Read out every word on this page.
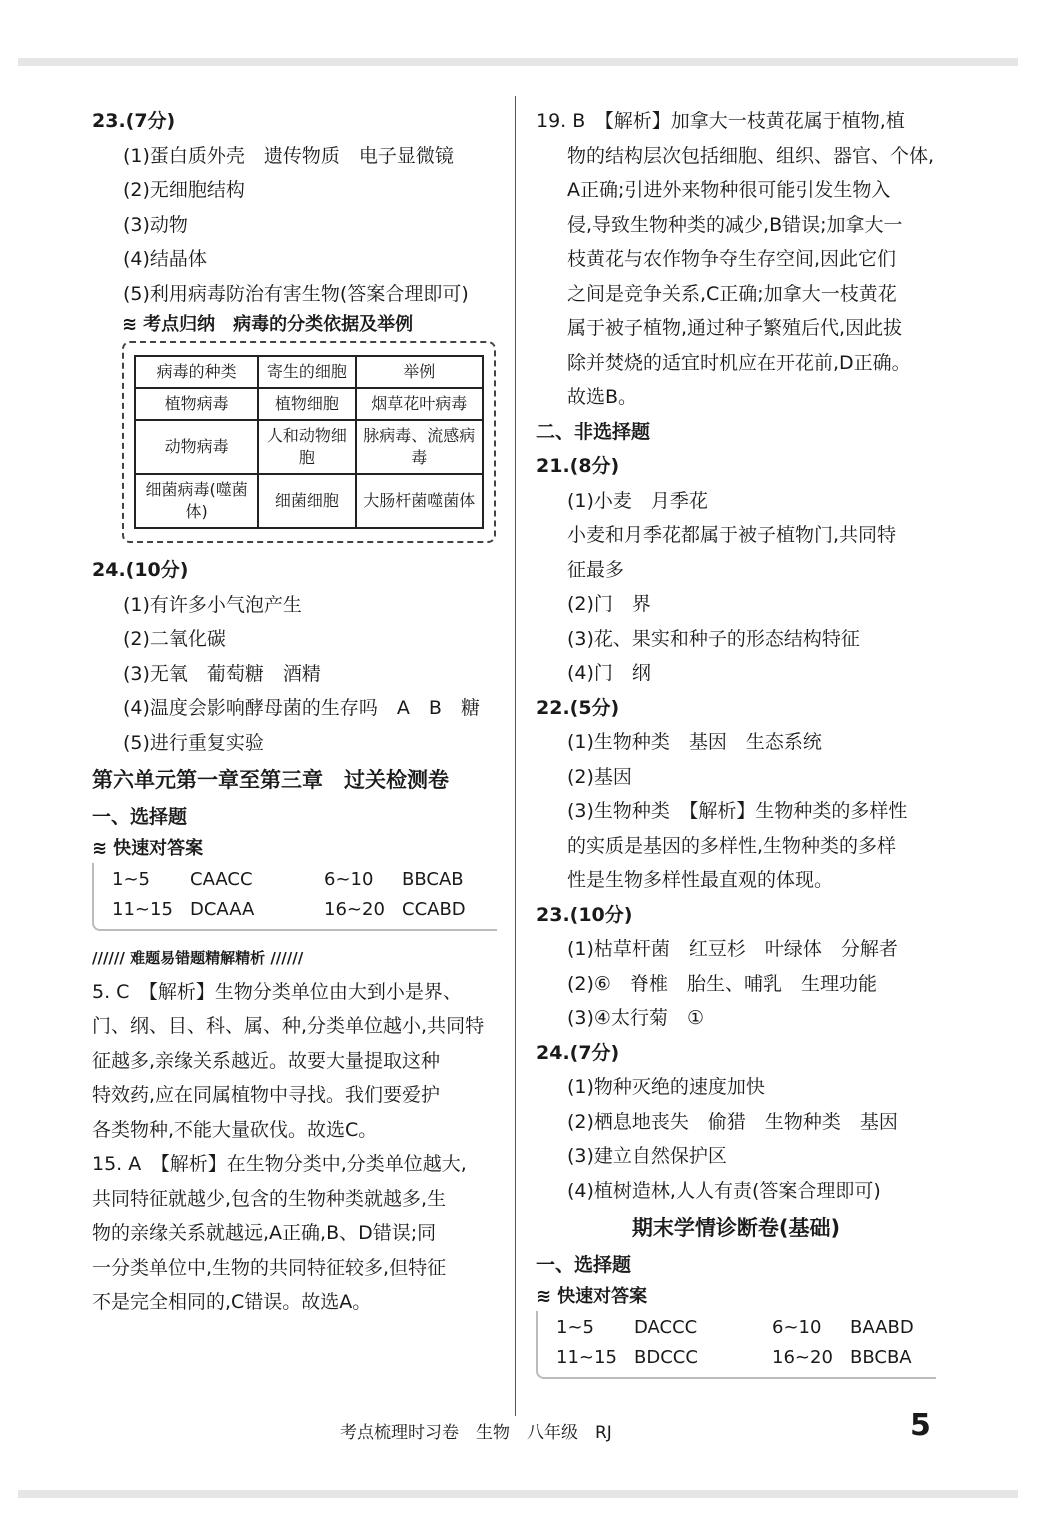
23.(7分)
(1)蛋白质外壳　遗传物质　电子显微镜
(2)无细胞结构
(3)动物
(4)结晶体
(5)利用病毒防治有害生物(答案合理即可)
≋ 考点归纳　病毒的分类依据及举例
病毒的种类	寄生的细胞	举例
植物病毒	植物细胞	烟草花叶病毒
动物病毒	人和动物细胞	脉病毒、流感病毒
细菌病毒(噬菌体)	细菌细胞	大肠杆菌噬菌体
24.(10分)
(1)有许多小气泡产生
(2)二氧化碳
(3)无氧　葡萄糖　酒精
(4)温度会影响酵母菌的生存吗　A　B　糖
(5)进行重复实验
第六单元第一章至第三章　过关检测卷
一、选择题
≋ 快速对答案
1~5	CAACC	6~10	BBCAB
11~15 DCAAA	16~20 CCABD
////// 难题易错题精解精析 //////
5. C　【解析】生物分类单位由大到小是界、
门、纲、目、科、属、种,分类单位越小,共同特
征越多,亲缘关系越近。故要大量提取这种
特效药,应在同属植物中寻找。我们要爱护
各类物种,不能大量砍伐。故选C。
15. A　【解析】在生物分类中,分类单位越大,
共同特征就越少,包含的生物种类就越多,生
物的亲缘关系就越远,A正确,B、D错误;同
一分类单位中,生物的共同特征较多,但特征
不是完全相同的,C错误。故选A。
19. B　【解析】加拿大一枝黄花属于植物,植
物的结构层次包括细胞、组织、器官、个体,
A正确;引进外来物种很可能引发生物入
侵,导致生物种类的减少,B错误;加拿大一
枝黄花与农作物争夺生存空间,因此它们
之间是竞争关系,C正确;加拿大一枝黄花
属于被子植物,通过种子繁殖后代,因此拔
除并焚烧的适宜时机应在开花前,D正确。
故选B。
二、非选择题
21.(8分)
(1)小麦　月季花
小麦和月季花都属于被子植物门,共同特
征最多
(2)门　界
(3)花、果实和种子的形态结构特征
(4)门　纲
22.(5分)
(1)生物种类　基因　生态系统
(2)基因
(3)生物种类　【解析】生物种类的多样性
的实质是基因的多样性,生物种类的多样
性是生物多样性最直观的体现。
23.(10分)
(1)枯草杆菌　红豆杉　叶绿体　分解者
(2)⑥　脊椎　胎生、哺乳　生理功能
(3)④太行菊　①
24.(7分)
(1)物种灭绝的速度加快
(2)栖息地丧失　偷猎　生物种类　基因
(3)建立自然保护区
(4)植树造林,人人有责(答案合理即可)
期末学情诊断卷(基础)
一、选择题
≋ 快速对答案
1~5	DACCC	6~10	BAABD
11~15 BDCCC	16~20 BBCBA
考点梳理时习卷　生物　八年级　RJ	5
